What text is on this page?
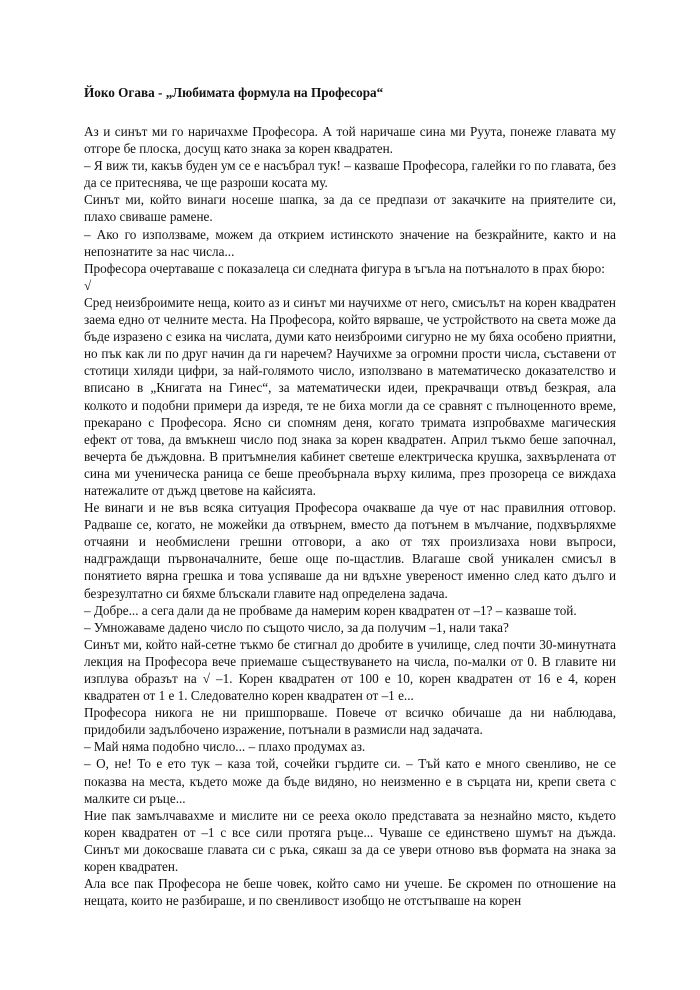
Йоко Огава - „Любимата формула на Професора“

Аз и синът ми го наричахме Професора. А той наричаше сина ми Руута, понеже главата му отгоре бе плоска, досущ като знака за корен квадратен.

– Я виж ти, какъв буден ум се е насъбрал тук! – казваше Професора, галейки го по главата, без да се притеснява, че ще разроши косата му.

Синът ми, който винаги носеше шапка, за да се предпази от закачките на приятелите си, плахо свиваше рамене.

– Ако го използваме, можем да открием истинското значение на безкрайните, както и на непознатите за нас числа...

Професора очертаваше с показалеца си следната фигура в ъгъла на потъналото в прах бюро:

√

Сред неизброимите неща, които аз и синът ми научихме от него, смисълът на корен квадратен заема едно от челните места. На Професора, който вярваше, че устройството на света може да бъде изразено с езика на числата, думи като неизброими сигурно не му бяха особено приятни, но пък как ли по друг начин да ги наречем? Научихме за огромни прости числа, съставени от стотици хиляди цифри, за най-голямото число, използвано в математическо доказателство и вписано в „Книгата на Гинес“, за математически идеи, прекрачващи отвъд безкрая, ала колкото и подобни примери да изредя, те не биха могли да се сравнят с пълноценното време, прекарано с Професора. Ясно си спомням деня, когато тримата изпробвахме магическия ефект от това, да вмъкнеш число под знака за корен квадратен. Април тъкмо беше започнал, вечерта бе дъждовна. В притъмнелия кабинет светеше електрическа крушка, захвърлената от сина ми ученическа раница се беше преобърнала върху килима, през прозореца се виждаха натежалите от дъжд цветове на кайсията.

Не винаги и не във всяка ситуация Професора очакваше да чуе от нас правилния отговор. Радваше се, когато, не можейки да отвърнем, вместо да потънем в мълчание, подхвърляхме отчаяни и необмислени грешни отговори, а ако от тях произлизаха нови въпроси, надграждащи първоначалните, беше още по-щастлив. Влагаше свой уникален смисъл в понятието вярна грешка и това успяваше да ни вдъхне увереност именно след като дълго и безрезултатно си бяхме блъскали главите над определена задача.

– Добре... а сега дали да не пробваме да намерим корен квадратен от –1? – казваше той.

– Умножаваме дадено число по същото число, за да получим –1, нали така?

Синът ми, който най-сетне тъкмо бе стигнал до дробите в училище, след почти 30-минутната лекция на Професора вече приемаше съществуването на числа, по-малки от 0. В главите ни изплува образът на √ –1. Корен квадратен от 100 е 10, корен квадратен от 16 е 4, корен квадратен от 1 е 1. Следователно корен квадратен от –1 е...

Професора никога не ни пришпорваше. Повече от всичко обичаше да ни наблюдава, придобили задълбочено изражение, потънали в размисли над задачата.

– Май няма подобно число... – плахо продумах аз.

– О, не! То е ето тук – каза той, сочейки гърдите си. – Тъй като е много свенливо, не се показва на места, където може да бъде видяно, но неизменно е в сърцата ни, крепи света с малките си ръце...

Ние пак замълчавахме и мислите ни се рееха около представата за незнайно място, където корен квадратен от –1 с все сили протяга ръце... Чуваше се единствено шумът на дъжда. Синът ми докосваше главата си с ръка, сякаш за да се увери отново във формата на знака за корен квадратен.

Ала все пак Професора не беше човек, който само ни учеше. Бе скромен по отношение на нещата, които не разбираше, и по свенливост изобщо не отстъпваше на корен
